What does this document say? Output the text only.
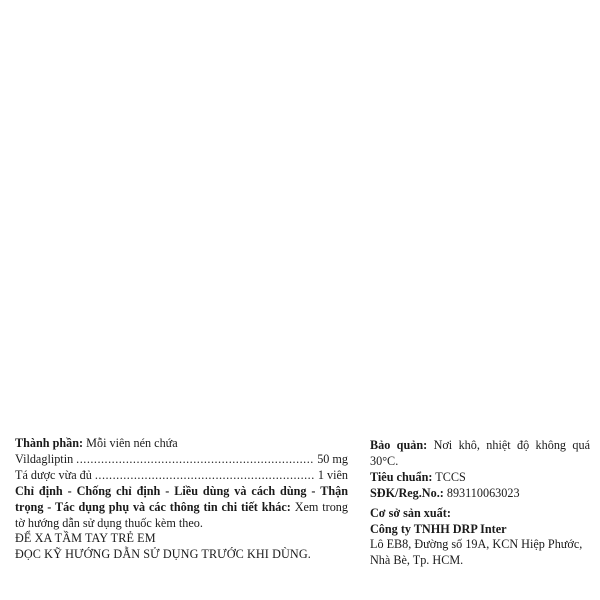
Thành phần: Mỗi viên nén chứa
Vildagliptin .....	50 mg
Tá dược vừa đủ .....	1 viên
Chỉ định - Chống chỉ định - Liều dùng và cách dùng - Thận trọng - Tác dụng phụ và các thông tin chi tiết khác: Xem trong tờ hướng dẫn sử dụng thuốc kèm theo.
ĐỂ XA TẦM TAY TRẺ EM
ĐỌC KỸ HƯỚNG DẪN SỬ DỤNG TRƯỚC KHI DÙNG.
Bảo quản: Nơi khô, nhiệt độ không quá 30°C.
Tiêu chuẩn: TCCS
SĐK/Reg.No.: 893110063023
Cơ sở sản xuất:
Công ty TNHH DRP Inter
Lô EB8, Đường số 19A, KCN Hiệp Phước, Nhà Bè, Tp. HCM.
